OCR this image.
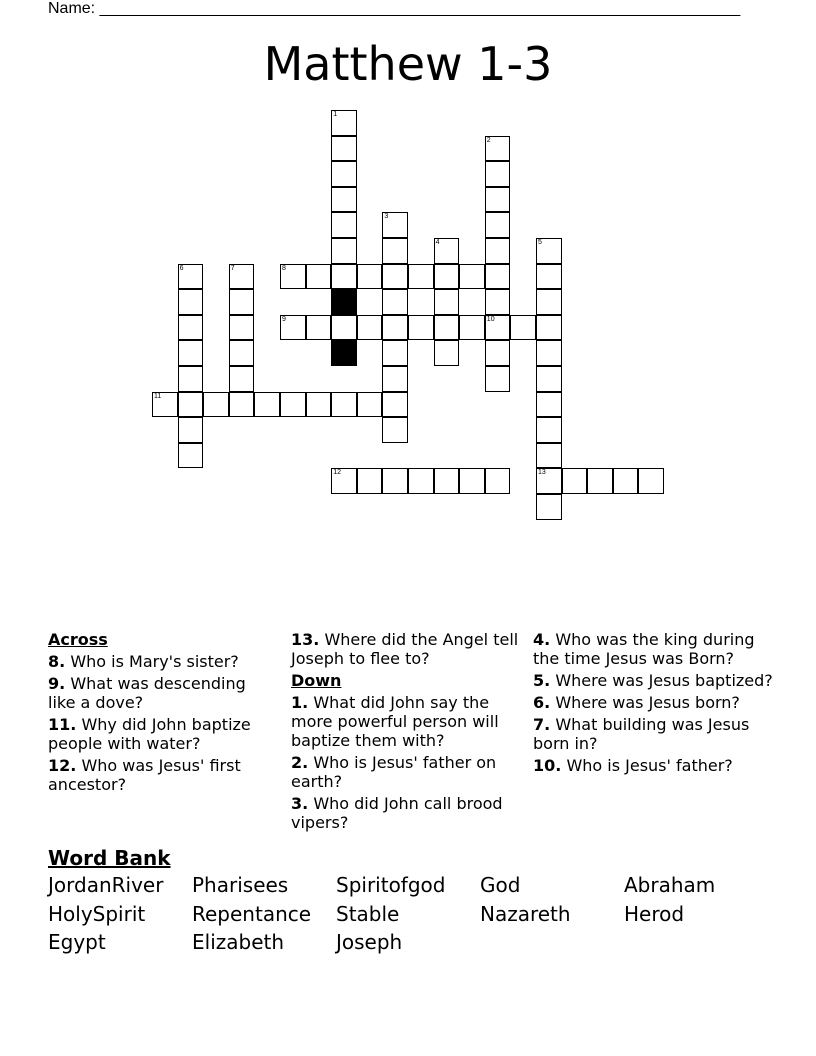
Name: ________________________________________________________________________
Matthew 1-3
1
2
10
3
4	5
13
6	7	8
9
11
12
Across
8. Who is Mary's sister?
9. What was descending like a dove?
11. Why did John baptize people with water?
12. Who was Jesus' first ancestor?
13. Where did the Angel tell Joseph to flee to?
Down
1. What did John say the more powerful person will baptize them with?
2. Who is Jesus' father on earth?
3. Who did John call brood vipers?
4. Who was the king during the time Jesus was Born?
5. Where was Jesus baptized?
6. Where was Jesus born?
7. What building was Jesus born in?
10. Who is Jesus' father?
Word Bank
JordanRiver	Pharisees	Spiritofgod	God	Abraham
HolySpirit	Repentance	Stable	Nazareth	Herod
Egypt	Elizabeth	Joseph
